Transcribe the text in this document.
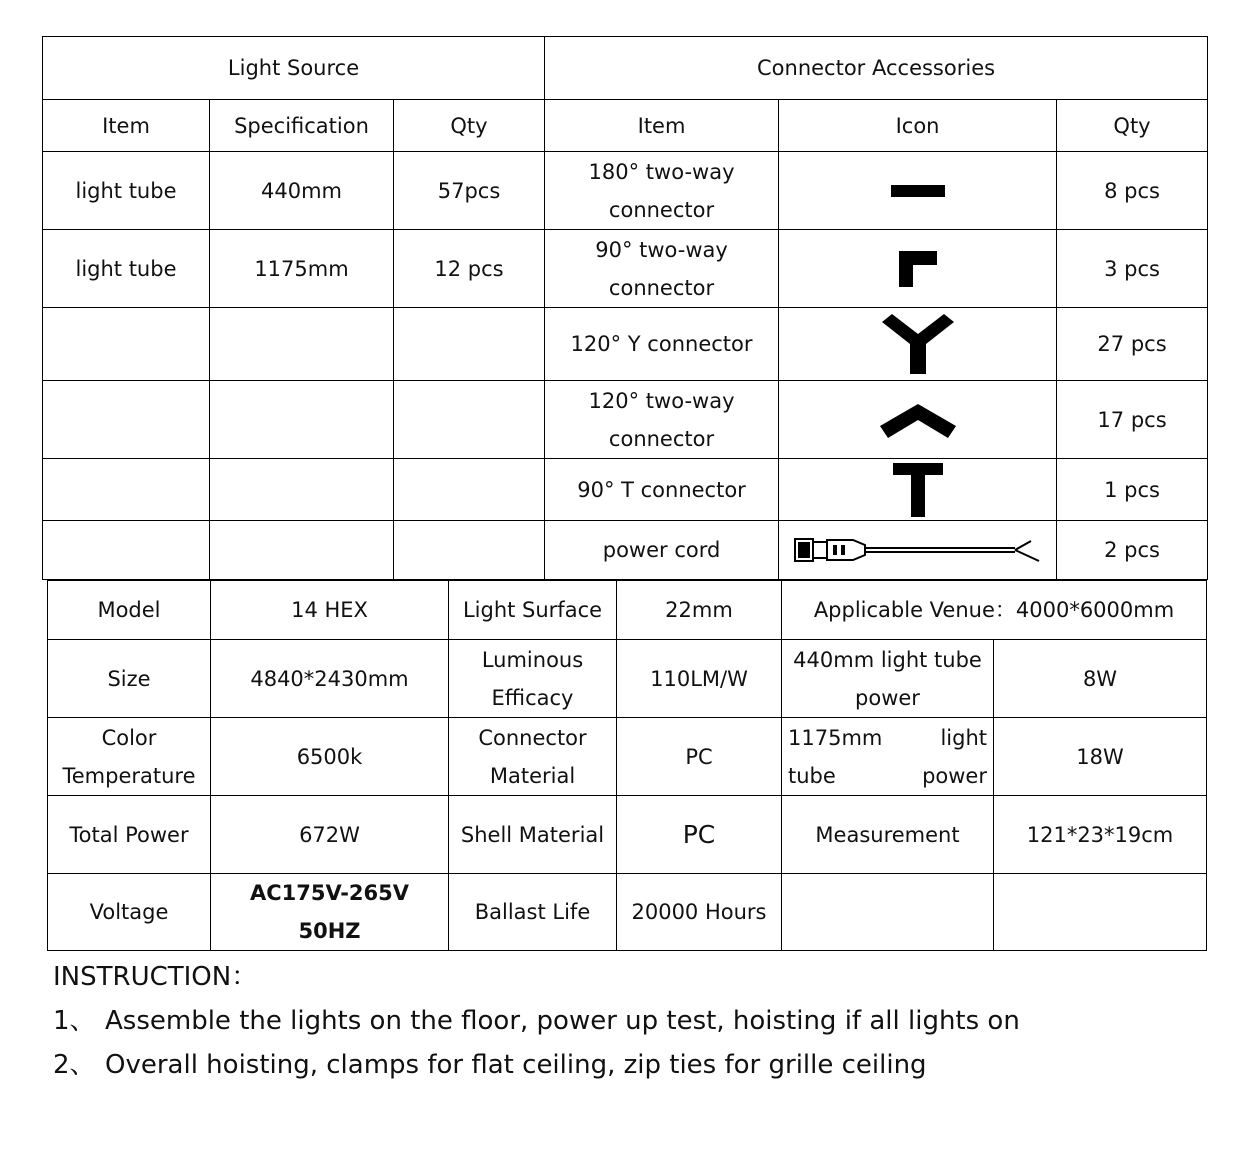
Light Source			Connector Accessories		
Item	Specification	Qty	Item	Icon	Qty
light tube	440mm	57pcs	180° two-way connector		8 pcs
light tube	1175mm	12 pcs	90° two-way connector		3 pcs
			120° Y connector		27 pcs
			120° two-way connector		17 pcs
			90° T connector		1 pcs
			power cord		2 pcs
Model	14 HEX	Light Surface	22mm	Applicable Venue：4000*6000mm	
Size	4840*2430mm	Luminous Efficacy	110LM/W	440mm light tube power	8W
Color Temperature	6500k	Connector Material	PC	1175mm light tube power	18W
Total Power	672W	Shell Material	PC	Measurement	121*23*19cm
Voltage	AC175V-265V 50HZ	Ballast Life	20000 Hours		
INSTRUCTION：
1、 Assemble the lights on the floor, power up test, hoisting if all lights on
2、 Overall hoisting, clamps for flat ceiling, zip ties for grille ceiling
